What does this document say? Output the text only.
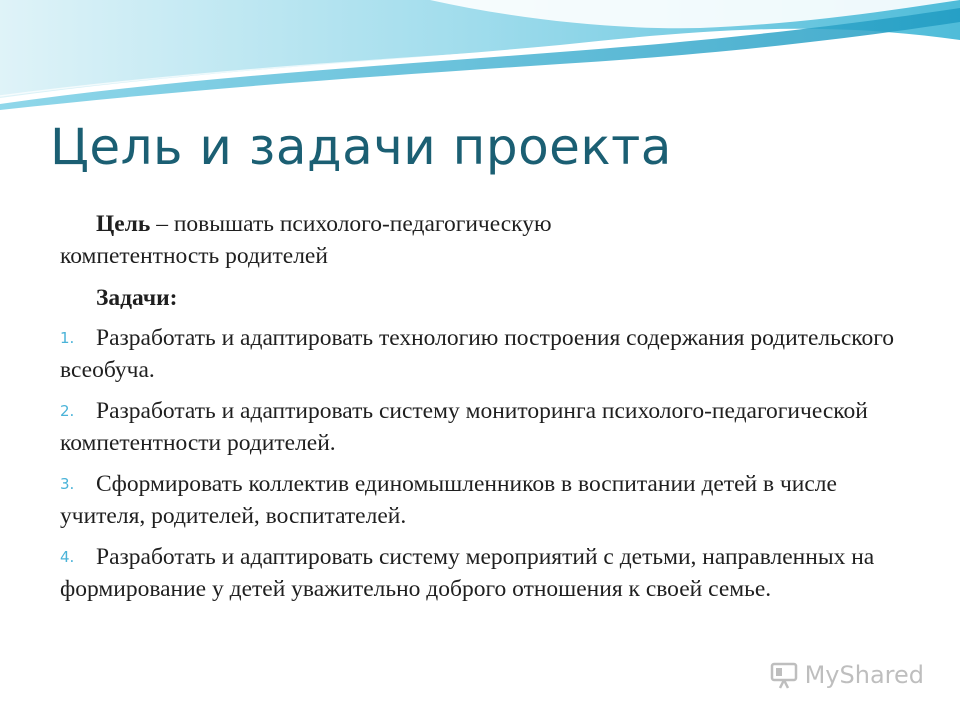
Цель и задачи проекта

Цель – повышать психолого-педагогическую
компетентность родителей

Задачи:

1. Разработать и адаптировать технологию построения содержания родительского всеобуча.
2. Разработать и адаптировать систему мониторинга психолого-педагогической компетентности родителей.
3. Сформировать коллектив единомышленников в воспитании детей в числе учителя, родителей, воспитателей.
4. Разработать и адаптировать систему мероприятий с детьми, направленных на формирование у детей уважительно доброго отношения к своей семье.
MyShared
